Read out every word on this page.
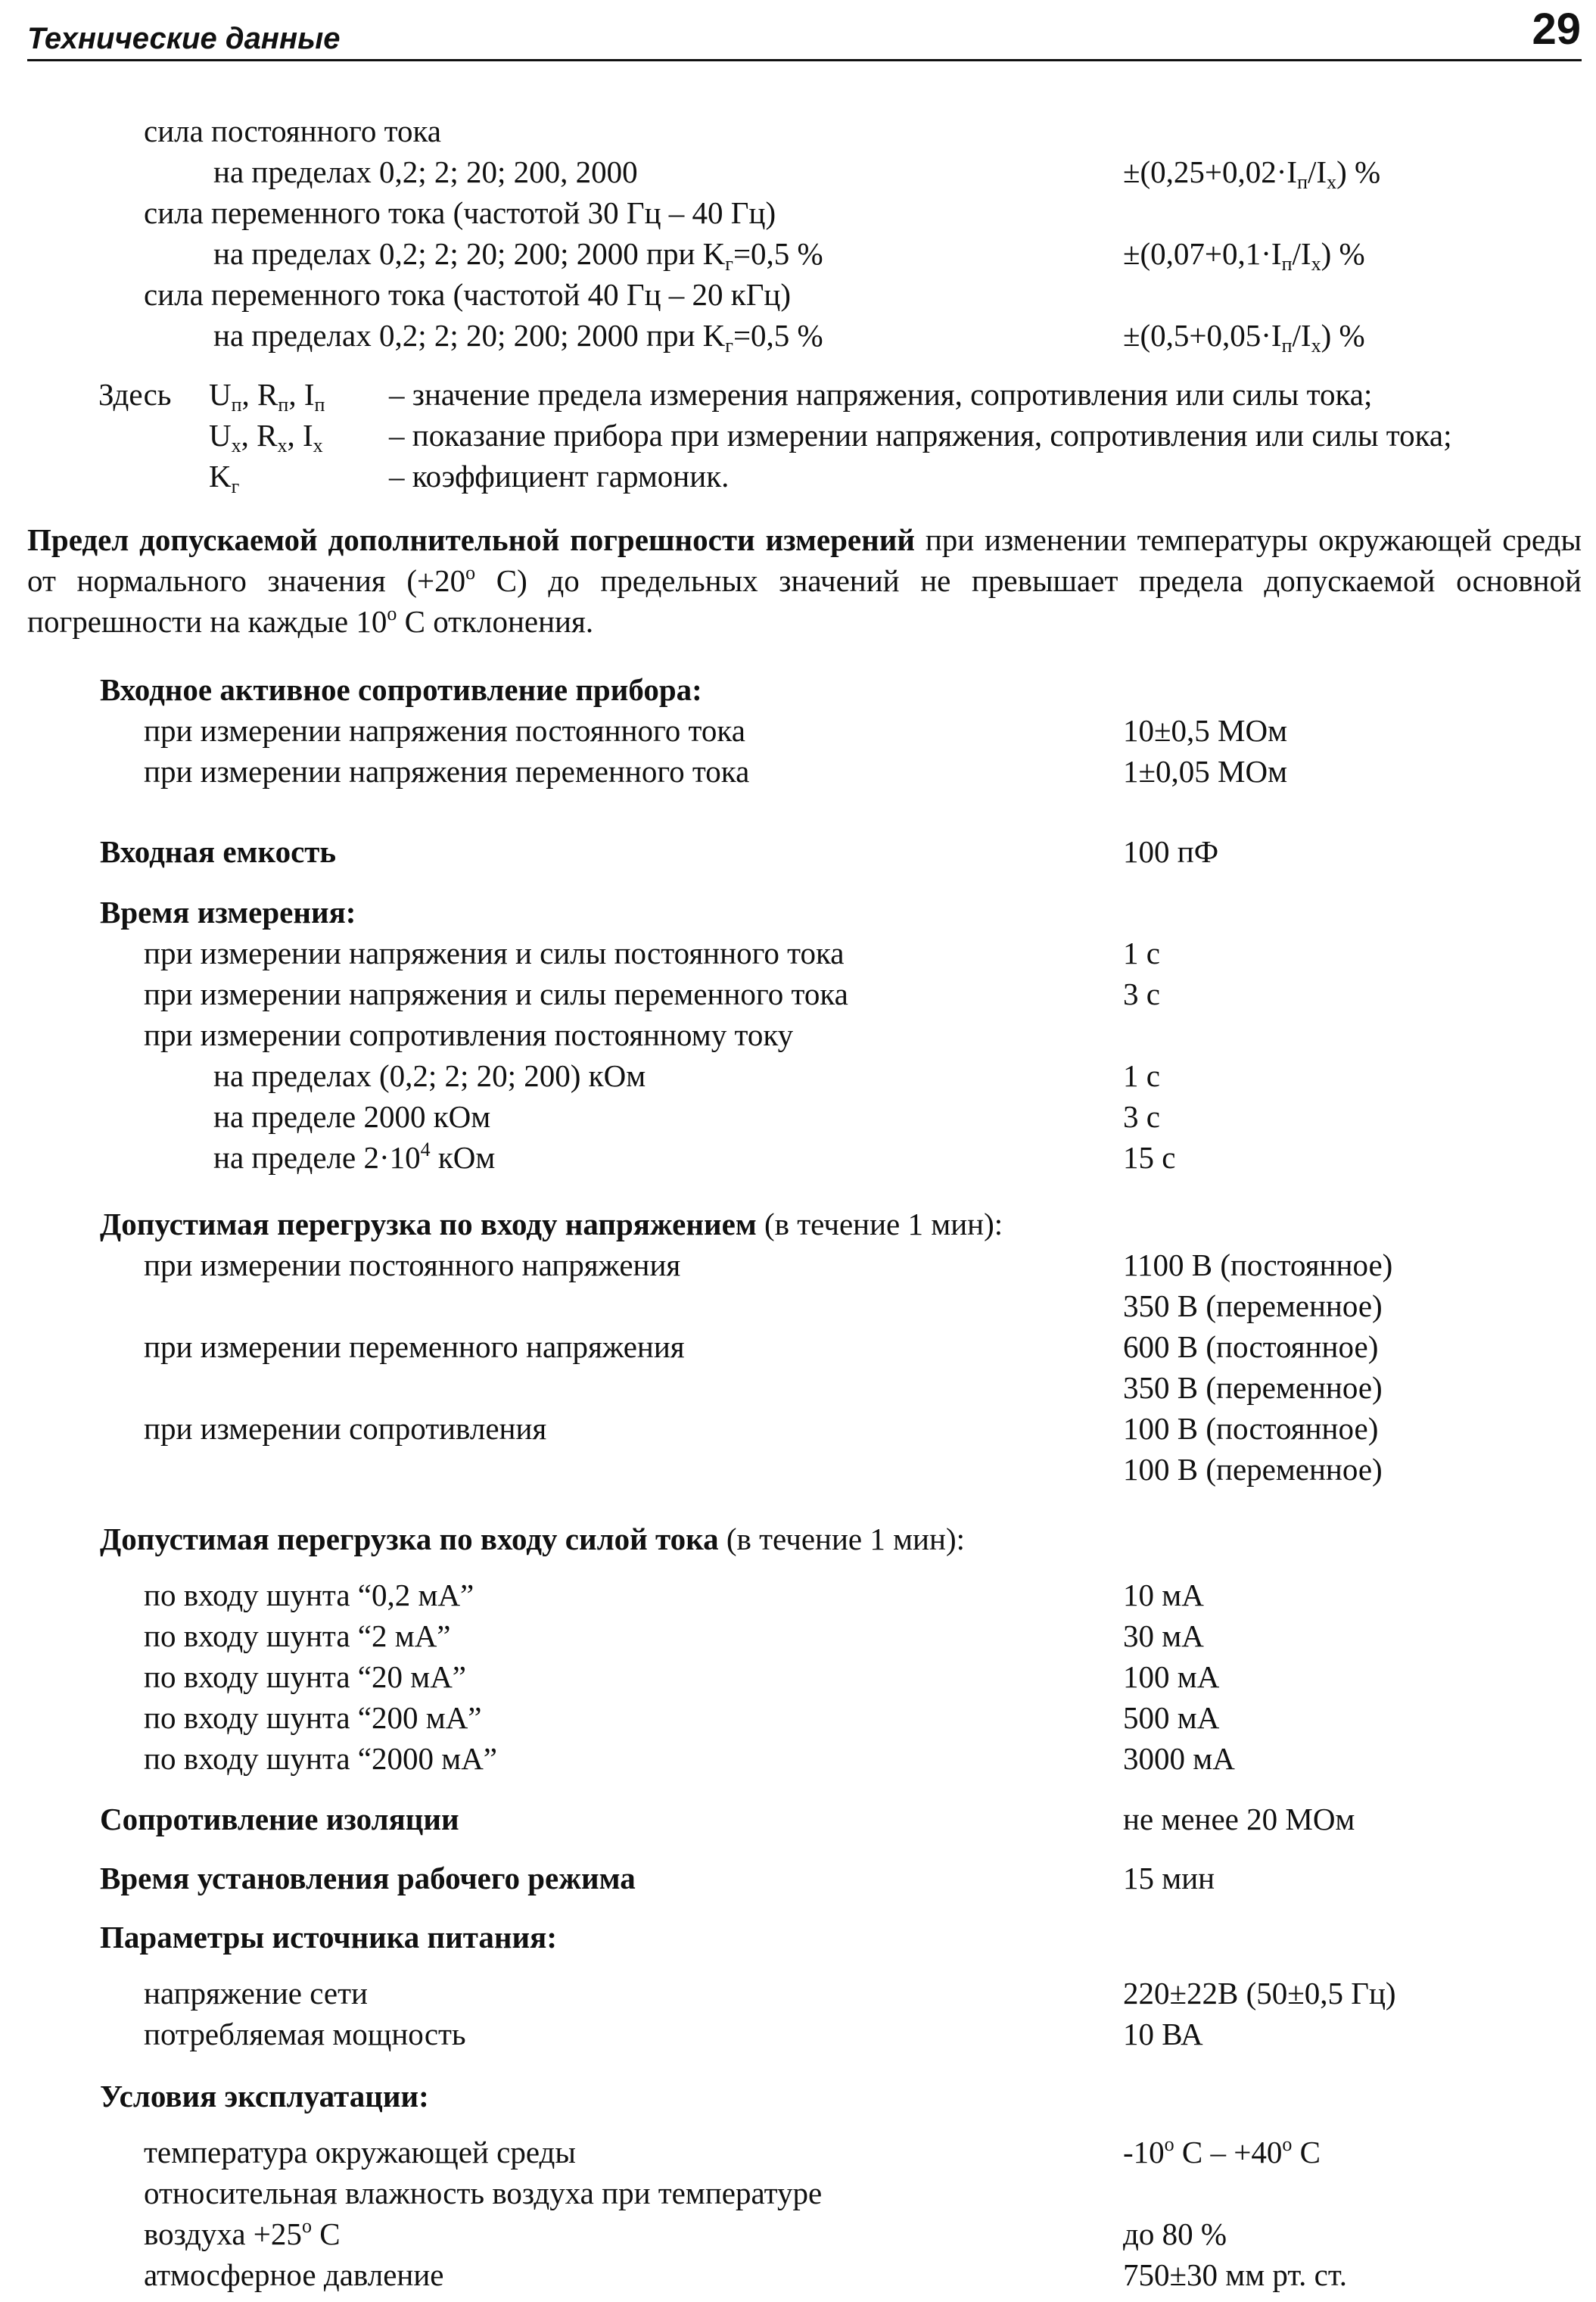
Технические данные	29
сила постоянного тока
на пределах 0,2; 2; 20; 200, 2000	$\pm(0,25+0,02\cdot I_п/I_x)$ %
сила переменного тока (частотой 30 Гц – 40 Гц)
на пределах 0,2; 2; 20; 200; 2000 при $K_г=0,5$ %	$\pm(0,07+0,1\cdot I_п/I_x)$ %
сила переменного тока (частотой 40 Гц – 20 кГц)
на пределах 0,2; 2; 20; 200; 2000 при $K_г=0,5$ %	$\pm(0,5+0,05\cdot I_п/I_x)$ %
Здесь $U_п$, $R_п$, $I_п$ – значение предела измерения напряжения, сопротивления или силы тока;
$U_x$, $R_x$, $I_x$ – показание прибора при измерении напряжения, сопротивления или силы тока;
$K_г$	– коэффициент гармоник.
Предел допускаемой дополнительной погрешности измерений при изменении температуры окружающей среды от нормального значения ($+20^o$ C) до предельных значений не превышает предела допускаемой основной погрешности на каждые 10$^o$ C отклонения.
Входное активное сопротивление прибора:
при измерении напряжения постоянного тока	10±0,5 МОм
при измерении напряжения переменного тока	1±0,05 МОм
Входная емкость	100 пФ
Время измерения:
при измерении напряжения и силы постоянного тока	1 с
при измерении напряжения и силы переменного тока	3 с
при измерении сопротивления постоянному току
на пределах (0,2; 2; 20; 200) кОм	1 с
на пределе 2000 кОм	3 с
на пределе $2\cdot 10^4$ кОм	15 с
Допустимая перегрузка по входу напряжением (в течение 1 мин):
при измерении постоянного напряжения	1100 В (постоянное)
350 В (переменное)
при измерении переменного напряжения	600 В (постоянное)
350 В (переменное)
при измерении сопротивления	100 В (постоянное)
100 В (переменное)
Допустимая перегрузка по входу силой тока (в течение 1 мин):
по входу шунта “0,2 мА”	10 мА
по входу шунта “2 мА”	30 мА
по входу шунта “20 мА”	100 мА
по входу шунта “200 мА”	500 мА
по входу шунта “2000 мА”	3000 мА
Сопротивление изоляции	не менее 20 МОм
Время установления рабочего режима	15 мин
Параметры источника питания:
напряжение сети	220±22В (50±0,5 Гц)
потребляемая мощность	10 ВА
Условия эксплуатации:
температура окружающей среды	-10$^o$ $C - +40^o$ C
относительная влажность воздуха при температуре
воздуха $+25^o$ C	до 80 %
атмосферное давление	750±30 мм рт. ст.
